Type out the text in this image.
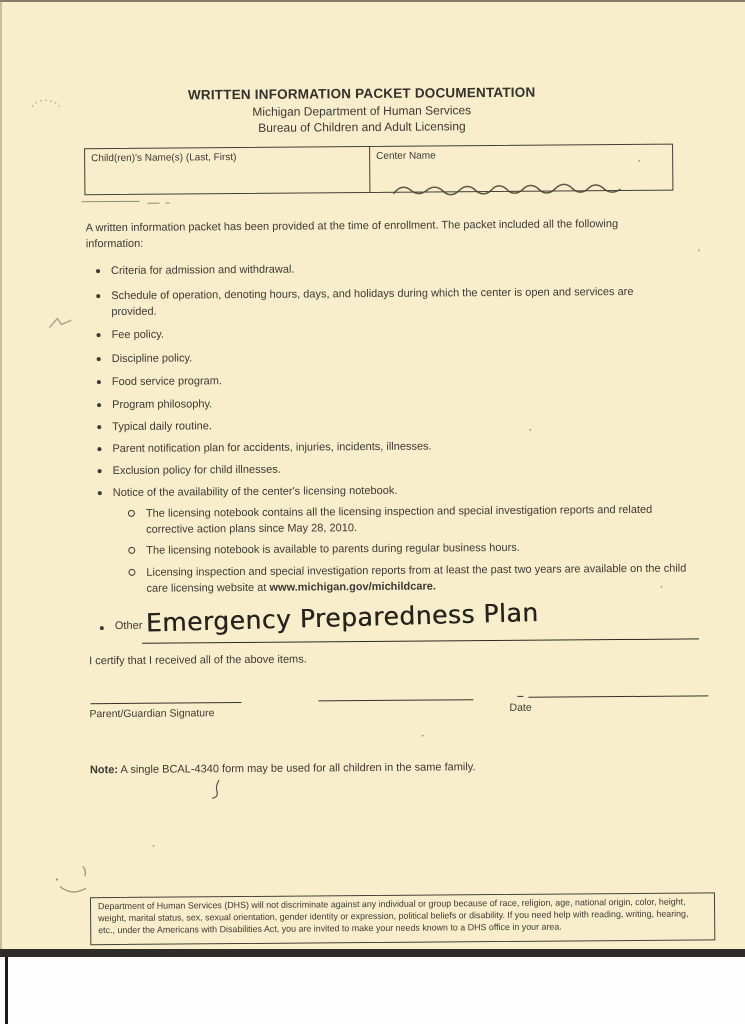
WRITTEN INFORMATION PACKET DOCUMENTATION
Michigan Department of Human Services
Bureau of Children and Adult Licensing
Child(ren)'s Name(s) (Last, First)	Center Name
A written information packet has been provided at the time of enrollment. The packet included all the following information:
Criteria for admission and withdrawal.
Schedule of operation, denoting hours, days, and holidays during which the center is open and services are provided.
Fee policy.
Discipline policy.
Food service program.
Program philosophy.
Typical daily routine.
Parent notification plan for accidents, injuries, incidents, illnesses.
Exclusion policy for child illnesses.
Notice of the availability of the center's licensing notebook.
The licensing notebook contains all the licensing inspection and special investigation reports and related corrective action plans since May 28, 2010.
The licensing notebook is available to parents during regular business hours.
Licensing inspection and special investigation reports from at least the past two years are available on the child care licensing website at www.michigan.gov/michildcare.
Other Emergency Preparedness Plan
I certify that I received all of the above items.
Parent/Guardian Signature	Date
Note: A single BCAL-4340 form may be used for all children in the same family.
Department of Human Services (DHS) will not discriminate against any individual or group because of race, religion, age, national origin, color, height, weight, marital status, sex, sexual orientation, gender identity or expression, political beliefs or disability. If you need help with reading, writing, hearing, etc., under the Americans with Disabilities Act, you are invited to make your needs known to a DHS office in your area.
